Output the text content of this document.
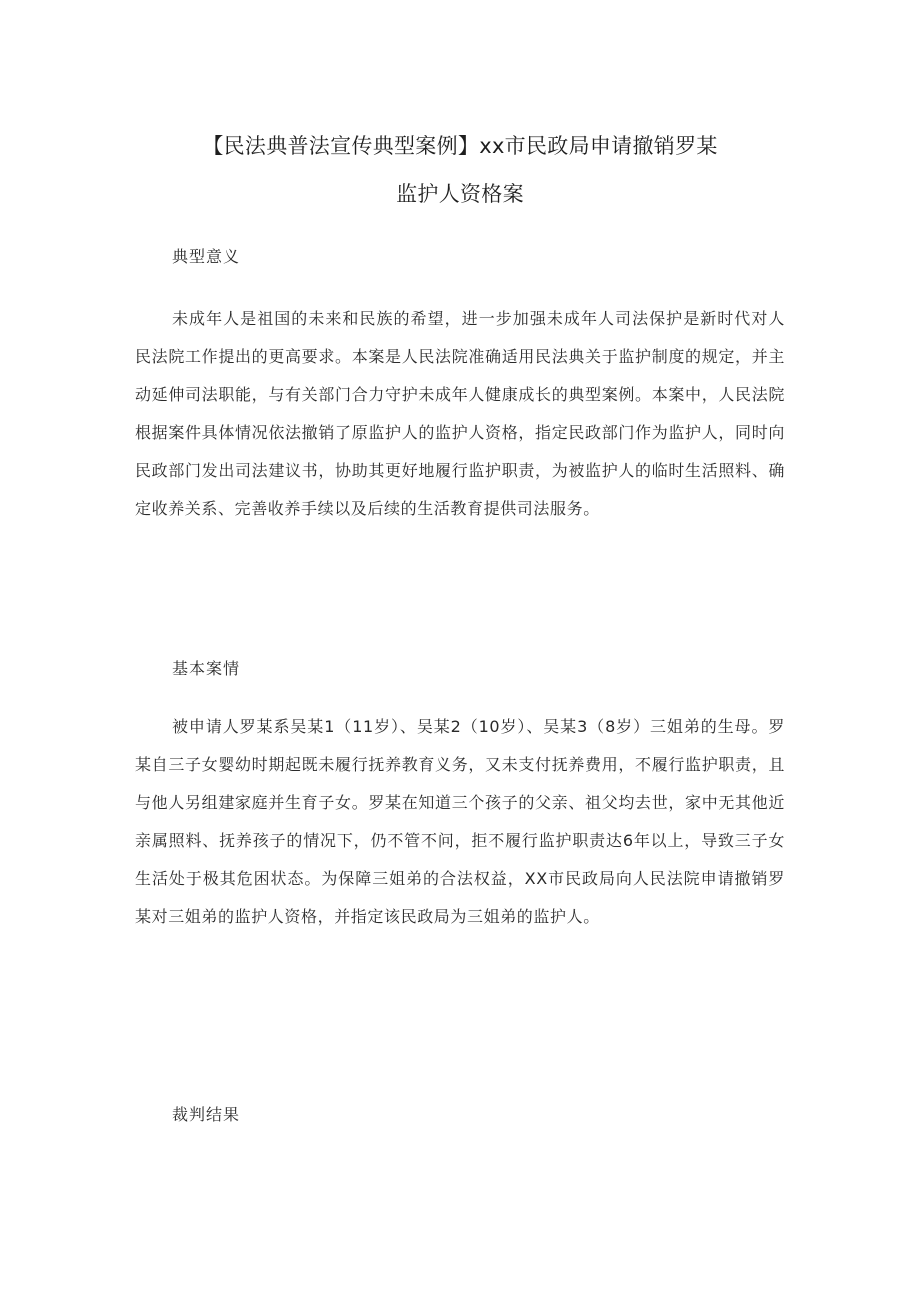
【民法典普法宣传典型案例】xx市民政局申请撤销罗某
监护人资格案
典型意义

未成年人是祖国的未来和民族的希望，进一步加强未成年人司法保护是新时代对人民法院工作提出的更高要求。本案是人民法院准确适用民法典关于监护制度的规定，并主动延伸司法职能，与有关部门合力守护未成年人健康成长的典型案例。本案中，人民法院根据案件具体情况依法撤销了原监护人的监护人资格，指定民政部门作为监护人，同时向民政部门发出司法建议书，协助其更好地履行监护职责，为被监护人的临时生活照料、确定收养关系、完善收养手续以及后续的生活教育提供司法服务。

基本案情

被申请人罗某系吴某1（11岁）、吴某2（10岁）、吴某3（8岁）三姐弟的生母。罗某自三子女婴幼时期起既未履行抚养教育义务，又未支付抚养费用，不履行监护职责，且与他人另组建家庭并生育子女。罗某在知道三个孩子的父亲、祖父均去世，家中无其他近亲属照料、抚养孩子的情况下，仍不管不问，拒不履行监护职责达6年以上，导致三子女生活处于极其危困状态。为保障三姐弟的合法权益，XX市民政局向人民法院申请撤销罗某对三姐弟的监护人资格，并指定该民政局为三姐弟的监护人。

裁判结果
